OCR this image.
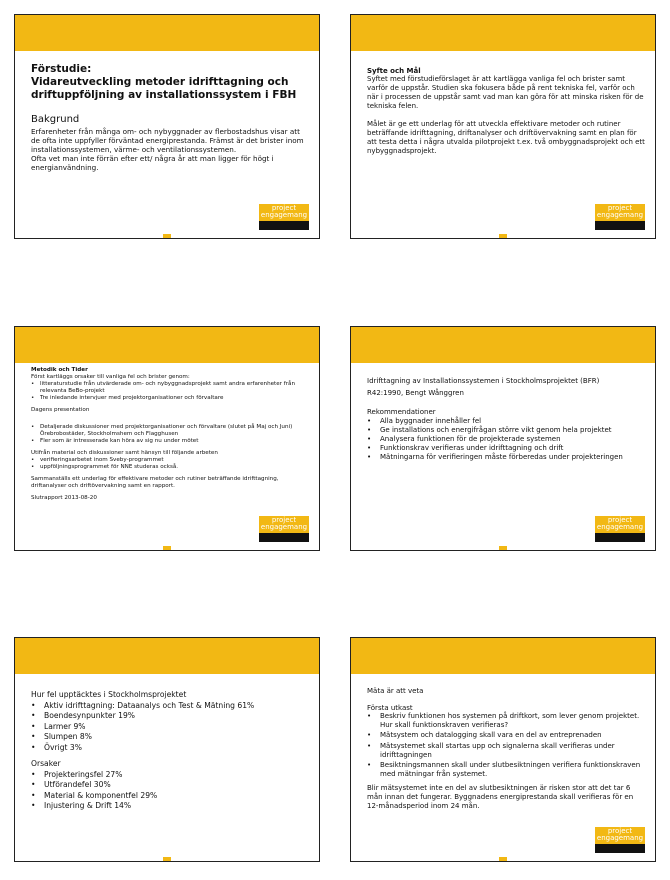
Förstudie:
Vidareutveckling metoder idrifttagning och
driftuppföljning av installationssystem i FBH
Bakgrund

Erfarenheter från många om- och nybyggnader av flerbostadshus visar att de ofta inte uppfyller förväntad energiprestanda. Främst är det brister inom installationssystemen, värme- och ventilationssystemen.

Ofta vet man inte förrän efter ett/ några år att man ligger för högt i energianvändning.

project
engagemang
Syfte och Mål

Syftet med förstudieförslaget är att kartlägga vanliga fel och brister samt varför de uppstår. Studien ska fokusera både på rent tekniska fel, varför och när i processen de uppstår samt vad man kan göra för att minska risken för de tekniska felen.

Målet är ge ett underlag för att utveckla effektivare metoder och rutiner beträffande idrifttagning, driftanalyser och driftövervakning samt en plan för att testa detta i några utvalda pilotprojekt t.ex. två ombyggnadsprojekt och ett nybyggnadsprojekt.

project
engagemang
Metodik och Tider
Först kartläggs orsaker till vanliga fel och brister genom:
• litteraturstudie från utvärderade om- och nybyggnadsprojekt samt andra erfarenheter från relevanta BeBo-projekt
• Tre inledande intervjuer med projektorganisationer och förvaltare
Dagens presentation
• Detaljerade diskussioner med projektorganisationer och förvaltare (slutet på Maj och Juni) Örebrobostäder, Stockholmshem och Flagghusen
• Fler som är intresserade kan höra av sig nu under mötet
Utifrån material och diskussioner samt hänsyn till följande arbeten
• verifieringsarbetet inom Sveby-programmet
• uppföljningsprogrammet för NNE studeras också.
Sammanställs ett underlag för effektivare metoder och rutiner beträffande idrifttagning, driftanalyser och driftövervakning samt en rapport.
Slutrapport 2013-08-20
project
engagemang
Idrifttagning av Installationssystemen i Stockholmsprojektet (BFR)
R42:1990, Bengt Wånggren
Rekommendationer
• Alla byggnader innehåller fel
• Ge installations och energifrågan större vikt genom hela projektet
• Analysera funktionen för de projekterade systemen
• Funktionskrav verifieras under idrifttagning och drift
• Mätningarna för verifieringen måste förberedas under projekteringen
project
engagemang
Hur fel upptäcktes i Stockholmsprojektet
• Aktiv idrifttagning: Dataanalys och Test & Mätning 61%
• Boendesynpunkter 19%
• Larmer 9%
• Slumpen 8%
• Övrigt 3%
Orsaker
• Projekteringsfel 27%
• Utförandefel 30%
• Material & komponentfel 29%
• Injustering & Drift 14%
Mäta är att veta
Första utkast
• Beskriv funktionen hos systemen på driftkort, som lever genom projektet. Hur skall funktionskraven verifieras?
• Mätsystem och datalogging skall vara en del av entreprenaden
• Mätsystemet skall startas upp och signalerna skall verifieras under idrifttagningen
• Besiktningsmannen skall under slutbesiktningen verifiera funktionskraven med mätningar från systemet.
Blir mätsystemet inte en del av slutbesiktningen är risken stor att det tar 6 mån innan det fungerar. Byggnadens energiprestanda skall verifieras för en 12-månadsperiod inom 24 mån.
project
engagemang
